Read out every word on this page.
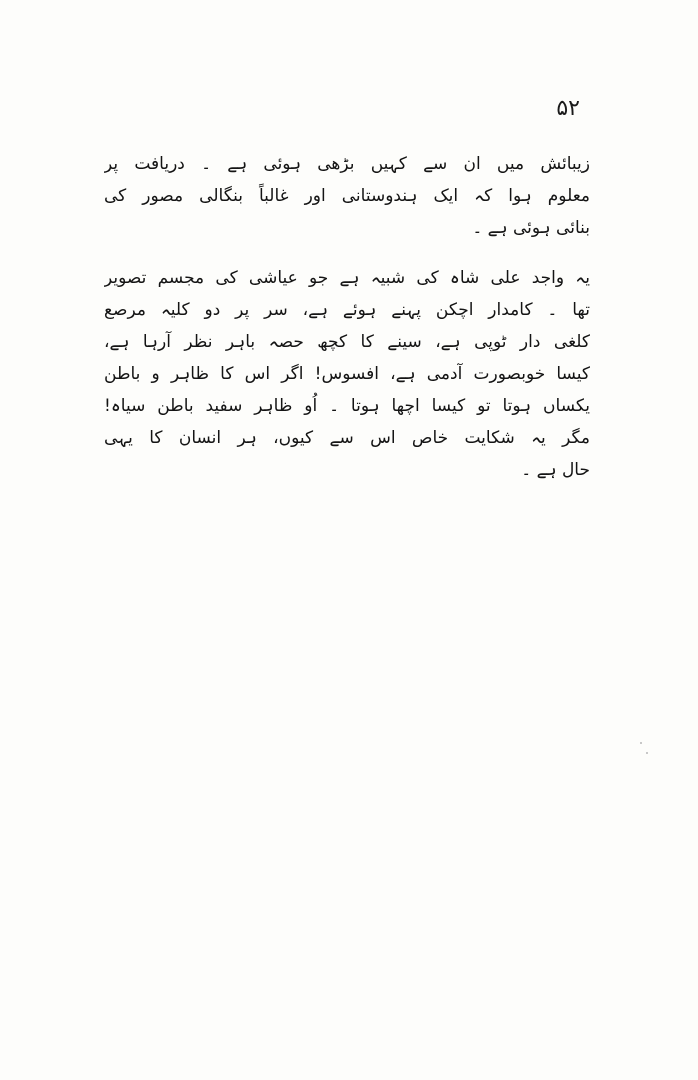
۵۲
زیبائش میں ان سے کہیں بڑھی ہوئی ہے ۔ دریافت پر
معلوم ہوا کہ ایک ہندوستانی اور غالباً بنگالی مصور کی
بنائی ہوئی ہے ۔
یہ واجد علی شاہ کی شبیہ ہے جو عیاشی کی مجسم تصویر
تھا ۔ کامدار اچکن پہنے ہوئے ہے، سر پر دو کلیہ مرصع
کلغی دار ٹوپی ہے، سینے کا کچھ حصہ باہر نظر آرہا ہے،
کیسا خوبصورت آدمی ہے، افسوس! اگر اس کا ظاہر و باطن
یکساں ہوتا تو کیسا اچھا ہوتا ۔ اُو ظاہر سفید باطن سیاہ!
مگر یہ شکایت خاص اس سے کیوں، ہر انسان کا یہی
حال ہے ۔
